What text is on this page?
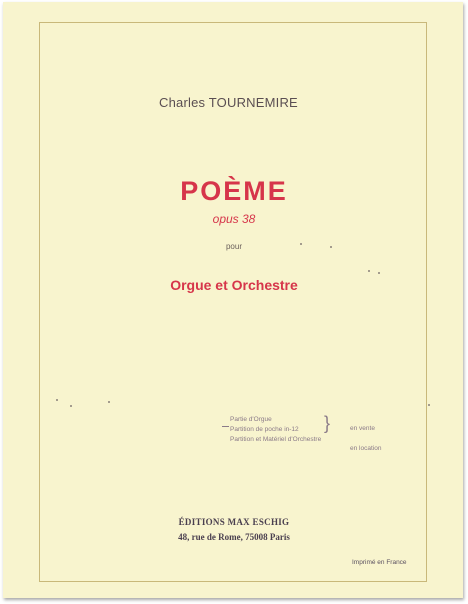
Charles TOURNEMIRE
POÈME
opus 38
pour
Orgue et Orchestre
Partie d'Orgue
Partition de poche in-12
Partition et Matériel d'Orchestre
}	en vente
en location
ÉDITIONS MAX ESCHIG
48, rue de Rome, 75008 Paris
Imprimé en France
